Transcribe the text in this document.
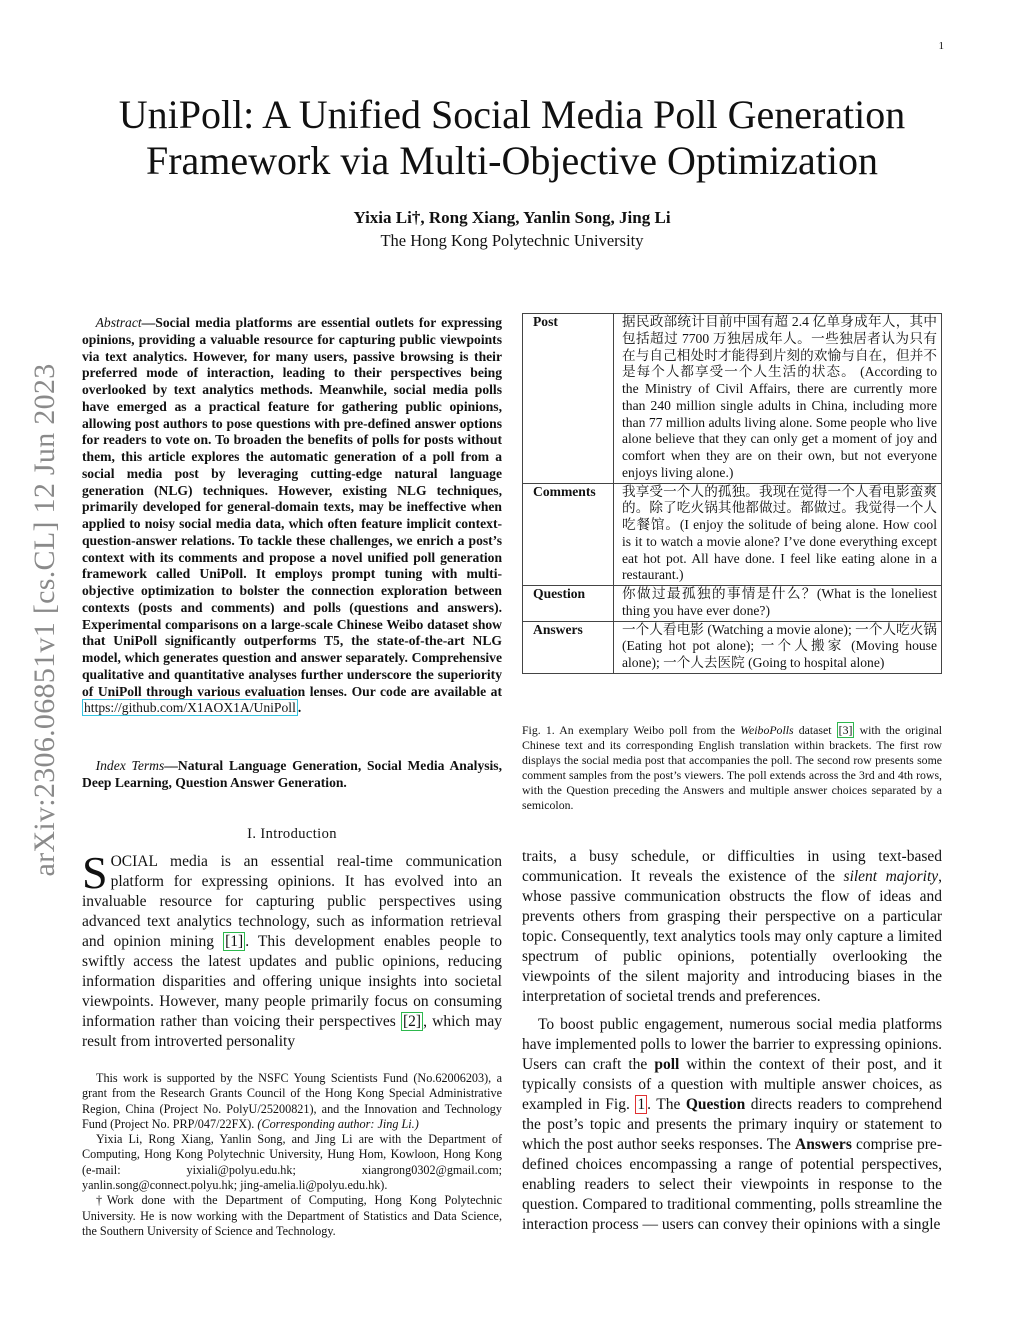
1
arXiv:2306.06851v1 [cs.CL] 12 Jun 2023
UniPoll: A Unified Social Media Poll Generation
Framework via Multi-Objective Optimization
Yixia Li†, Rong Xiang, Yanlin Song, Jing Li
The Hong Kong Polytechnic University
 Abstract—Social media platforms are essential outlets for expressing opinions, providing a valuable resource for capturing public viewpoints via text analytics. However, for many users, passive browsing is their preferred mode of interaction, leading to their perspectives being overlooked by text analytics methods. Meanwhile, social media polls have emerged as a practical feature for gathering public opinions, allowing post authors to pose questions with pre-defined answer options for readers to vote on. To broaden the benefits of polls for posts without them, this article explores the automatic generation of a poll from a social media post by leveraging cutting-edge natural language generation (NLG) techniques. However, existing NLG techniques, primarily developed for general-domain texts, may be ineffective when applied to noisy social media data, which often feature implicit context-question-answer relations. To tackle these challenges, we enrich a post’s context with its comments and propose a novel unified poll generation framework called UniPoll. It employs prompt tuning with multi-objective optimization to bolster the connection exploration between contexts (posts and comments) and polls (questions and answers). Experimental comparisons on a large-scale Chinese Weibo dataset show that UniPoll significantly outperforms T5, the state-of-the-art NLG model, which generates question and answer separately. Comprehensive qualitative and quantitative analyses further underscore the superiority of UniPoll through various evaluation lenses. Our code are available at https://github.com/X1AOX1A/UniPoll .
 Index Terms—Natural Language Generation, Social Media Analysis, Deep Learning, Question Answer Generation.
I. Introduction
SOCIAL media is an essential real-time communication platform for expressing opinions. It has evolved into an invaluable resource for capturing public perspectives using advanced text analytics technology, such as information retrieval and opinion mining [1] . This development enables people to swiftly access the latest updates and public opinions, reducing information disparities and offering unique insights into societal viewpoints. However, many people primarily focus on consuming information rather than voicing their perspectives [2] , which may result from introverted personality

This work is supported by the NSFC Young Scientists Fund (No.62006203), a grant from the Research Grants Council of the Hong Kong Special Administrative Region, China (Project No. PolyU/25200821), and the Innovation and Technology Fund (Project No. PRP/047/22FX). (Corresponding author: Jing Li.)

Yixia Li, Rong Xiang, Yanlin Song, and Jing Li are with the Department of Computing, Hong Kong Polytechnic University, Hung Hom, Kowloon, Hong Kong (e-mail: yixiali@polyu.edu.hk; xiangrong0302@gmail.com; yanlin.song@connect.polyu.hk; jing-amelia.li@polyu.edu.hk).

†Work done with the Department of Computing, Hong Kong Polytechnic University. He is now working with the Department of Statistics and Data Science, the Southern University of Science and Technology.

Post	据民政部统计目前中国有超 2.4 亿单身成年人，其中包括超过 7700 万独居成年人。一些独居者认为只有在与自己相处时才能得到片刻的欢愉与自在，但并不是每个人都享受一个人生活的状态。 (According to the Ministry of Civil Affairs, there are currently more than 240 million single adults in China, including more than 77 million adults living alone. Some people who live alone believe that they can only get a moment of joy and comfort when they are on their own, but not everyone enjoys living alone.)
Comments	我享受一个人的孤独。我现在觉得一个人看电影蛮爽的。除了吃火锅其他都做过。都做过。我觉得一个人吃餐馆。(I enjoy the solitude of being alone. How cool is it to watch a movie alone? I’ve done everything except eat hot pot. All have done. I feel like eating alone in a restaurant.)
Question	你做过最孤独的事情是什么？(What is the loneliest thing you have ever done?)
Answers	一个人看电影 (Watching a movie alone); 一个人吃火锅 (Eating hot pot alone); 一个人搬家 (Moving house alone); 一个人去医院 (Going to hospital alone)
Fig. 1. An exemplary Weibo poll from the WeiboPolls dataset [3] with the original Chinese text and its corresponding English translation within brackets. The first row displays the social media post that accompanies the poll. The second row presents some comment samples from the post’s viewers. The poll extends across the 3rd and 4th rows, with the Question preceding the Answers and multiple answer choices separated by a semicolon.

traits, a busy schedule, or difficulties in using text-based communication. It reveals the existence of the silent majority, whose passive communication obstructs the flow of ideas and prevents others from grasping their perspective on a particular topic. Consequently, text analytics tools may only capture a limited spectrum of public opinions, potentially overlooking the viewpoints of the silent majority and introducing biases in the interpretation of societal trends and preferences.

To boost public engagement, numerous social media platforms have implemented polls to lower the barrier to expressing opinions. Users can craft the poll within the context of their post, and it typically consists of a question with multiple answer choices, as exampled in Fig. 1 . The Question directs readers to comprehend the post’s topic and presents the primary inquiry or statement to which the post author seeks responses. The Answers comprise pre-defined choices encompassing a range of potential perspectives, enabling readers to select their viewpoints in response to the question. Compared to traditional commenting, polls streamline the interaction process — users can convey their opinions with a single
